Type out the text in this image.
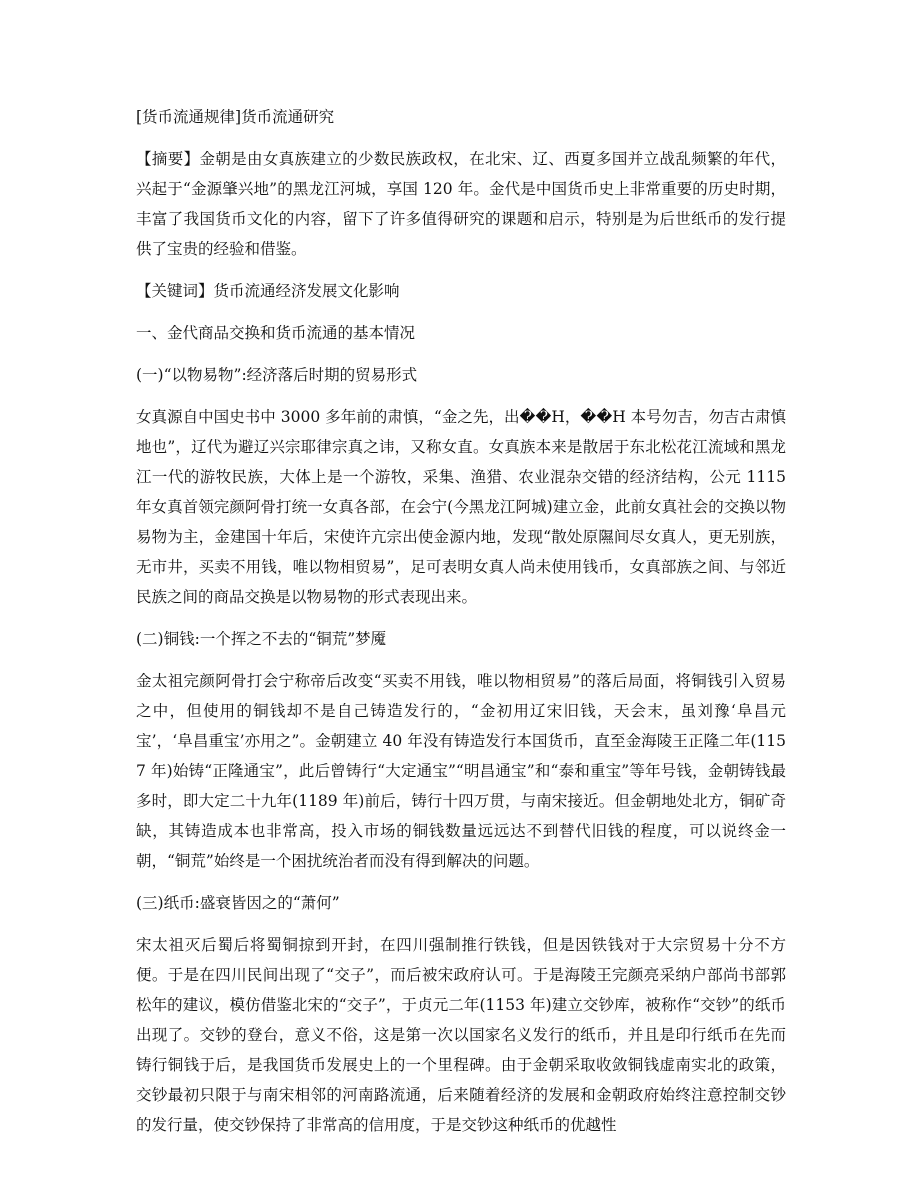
[货币流通规律]货币流通研究
【摘要】金朝是由女真族建立的少数民族政权，在北宋、辽、西夏多国并立战乱频繁的年代，兴起于“金源肇兴地”的黑龙江河城，享国 120 年。金代是中国货币史上非常重要的历史时期，丰富了我国货币文化的内容，留下了许多值得研究的课题和启示，特别是为后世纸币的发行提供了宝贵的经验和借鉴。
【关键词】货币流通经济发展文化影响
一、金代商品交换和货币流通的基本情况
(一)“以物易物”:经济落后时期的贸易形式
女真源自中国史书中 3000 多年前的肃慎，“金之先，出��H，��H 本号勿吉，勿吉古肃慎地也”，辽代为避辽兴宗耶律宗真之讳，又称女直。女真族本来是散居于东北松花江流域和黑龙江一代的游牧民族，大体上是一个游牧，采集、渔猎、农业混杂交错的经济结构，公元 1115 年女真首领完颜阿骨打统一女真各部，在会宁(今黑龙江阿城)建立金，此前女真社会的交换以物易物为主，金建国十年后，宋使许亢宗出使金源内地，发现“散处原隰间尽女真人，更无别族，无市井，买卖不用钱，唯以物相贸易”，足可表明女真人尚未使用钱币，女真部族之间、与邻近民族之间的商品交换是以物易物的形式表现出来。
(二)铜钱:一个挥之不去的“铜荒”梦魇
金太祖完颜阿骨打会宁称帝后改变“买卖不用钱，唯以物相贸易”的落后局面，将铜钱引入贸易之中，但使用的铜钱却不是自己铸造发行的，“金初用辽宋旧钱，天会末，虽刘豫‘阜昌元宝’，‘阜昌重宝’亦用之”。金朝建立 40 年没有铸造发行本国货币，直至金海陵王正隆二年(1157 年)始铸“正隆通宝”，此后曾铸行“大定通宝”“明昌通宝”和“泰和重宝”等年号钱，金朝铸钱最多时，即大定二十九年(1189 年)前后，铸行十四万贯，与南宋接近。但金朝地处北方，铜矿奇缺，其铸造成本也非常高，投入市场的铜钱数量远远达不到替代旧钱的程度，可以说终金一朝，“铜荒”始终是一个困扰统治者而没有得到解决的问题。
(三)纸币:盛衰皆因之的“萧何”
宋太祖灭后蜀后将蜀铜掠到开封，在四川强制推行铁钱，但是因铁钱对于大宗贸易十分不方便。于是在四川民间出现了“交子”，而后被宋政府认可。于是海陵王完颜亮采纳户部尚书部郭松年的建议，模仿借鉴北宋的“交子”，于贞元二年(1153 年)建立交钞库，被称作“交钞”的纸币出现了。交钞的登台，意义不俗，这是第一次以国家名义发行的纸币，并且是印行纸币在先而铸行铜钱于后，是我国货币发展史上的一个里程碑。由于金朝采取收敛铜钱虚南实北的政策，交钞最初只限于与南宋相邻的河南路流通，后来随着经济的发展和金朝政府始终注意控制交钞的发行量，使交钞保持了非常高的信用度，于是交钞这种纸币的优越性
